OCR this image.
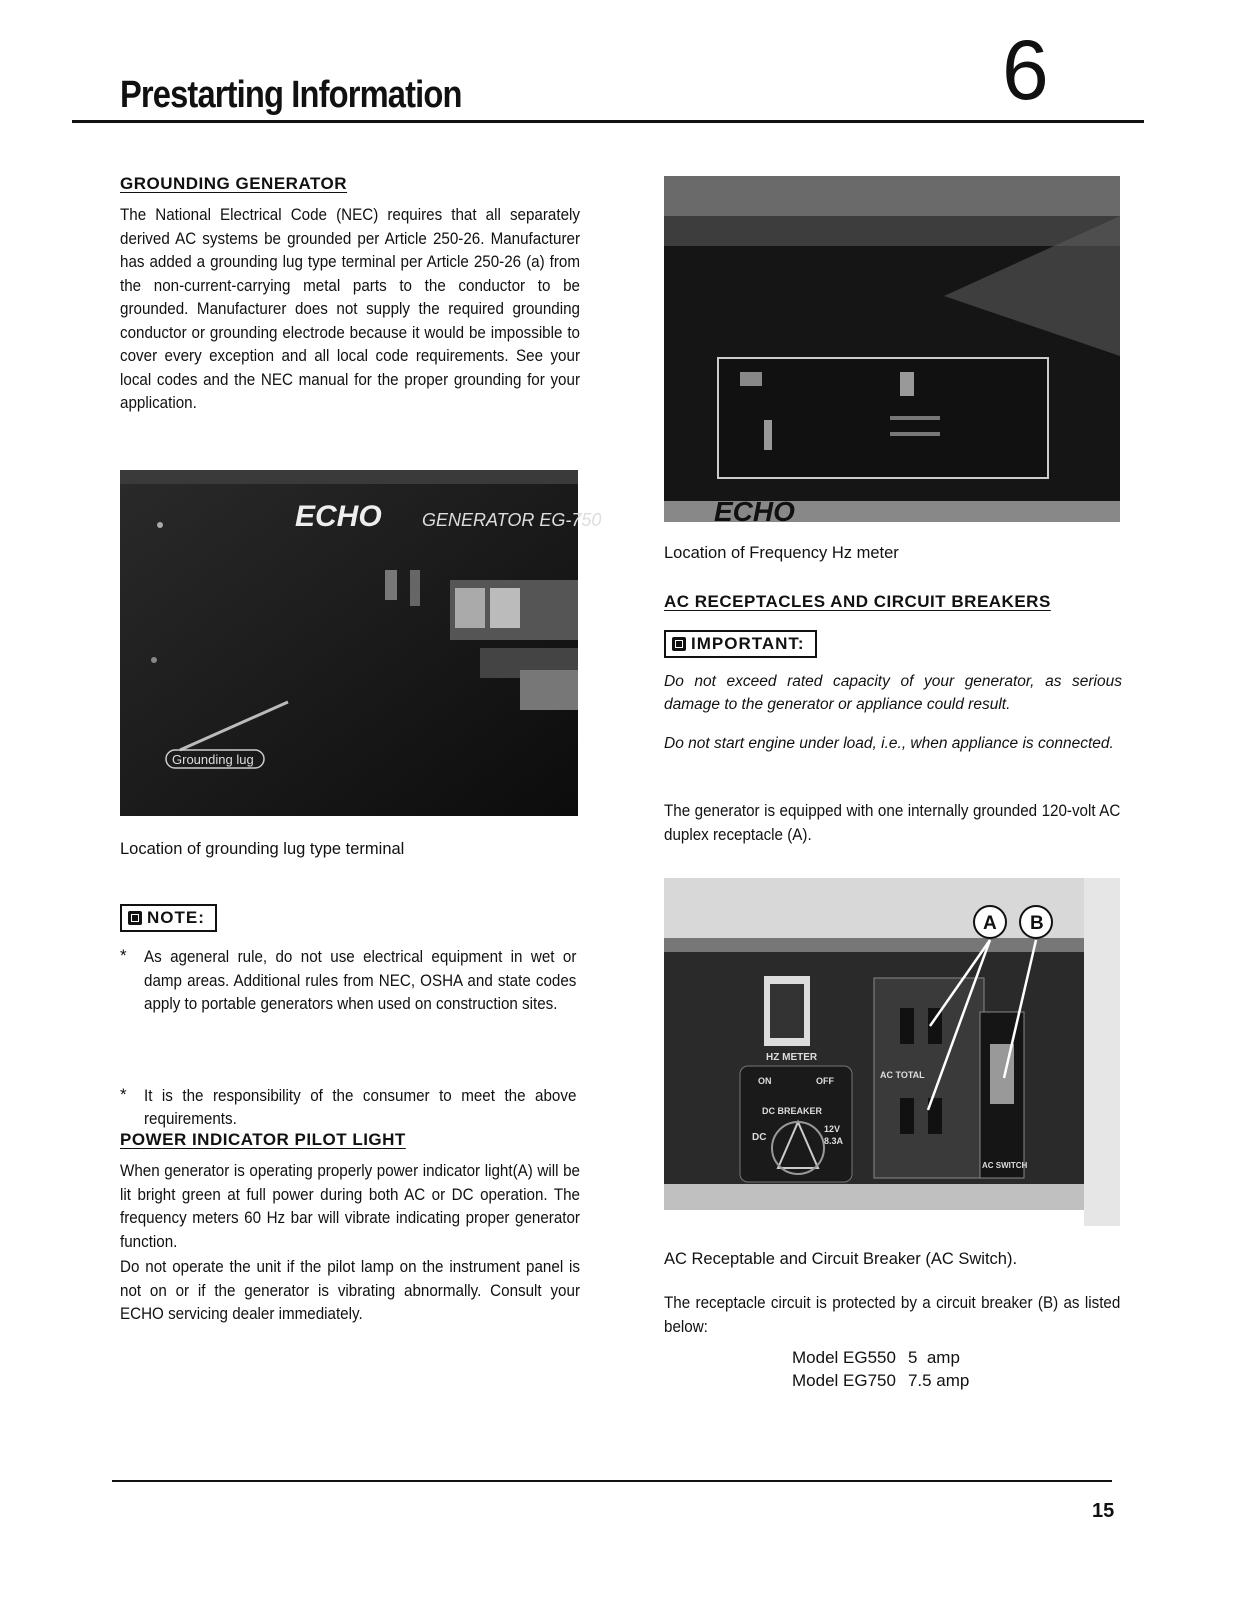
Prestarting Information	6
GROUNDING GENERATOR
The National Electrical Code (NEC) requires that all separately derived AC systems be grounded per Article 250-26. Manufacturer has added a grounding lug type terminal per Article 250-26 (a) from the non-current-carrying metal parts to the conductor to be grounded. Manufacturer does not supply the required grounding conductor or grounding electrode because it would be impossible to cover every exception and all local code requirements. See your local codes and the NEC manual for the proper grounding for your application.
ECHO GENERATOR EG-750
Grounding lug
Location of grounding lug type terminal
NOTE:
* As ageneral rule, do not use electrical equipment in wet or damp areas. Additional rules from NEC, OSHA and state codes apply to portable generators when used on construction sites.
* It is the responsibility of the consumer to meet the above requirements.
POWER INDICATOR PILOT LIGHT
When generator is operating properly power indicator light(A) will be lit bright green at full power during both AC or DC operation. The frequency meters 60 Hz bar will vibrate indicating proper generator function.
Do not operate the unit if the pilot lamp on the instrument panel is not on or if the generator is vibrating abnormally. Consult your ECHO servicing dealer immediately.
ECHO
Location of Frequency Hz meter
AC RECEPTACLES AND CIRCUIT BREAKERS
IMPORTANT:
Do not exceed rated capacity of your generator, as serious damage to the generator or appliance could result.
Do not start engine under load, i.e., when appliance is connected.
The generator is equipped with one internally grounded 120-volt AC duplex receptacle (A).
A B
HZ METER
DC BREAKER
AC TOTAL
AC SWITCH
DC
12V
8.3A
ON	OFF
AC Receptable and Circuit Breaker (AC Switch).
The receptacle circuit is protected by a circuit breaker (B) as listed below:
Model EG550	5  amp
Model EG750	7.5 amp
15
